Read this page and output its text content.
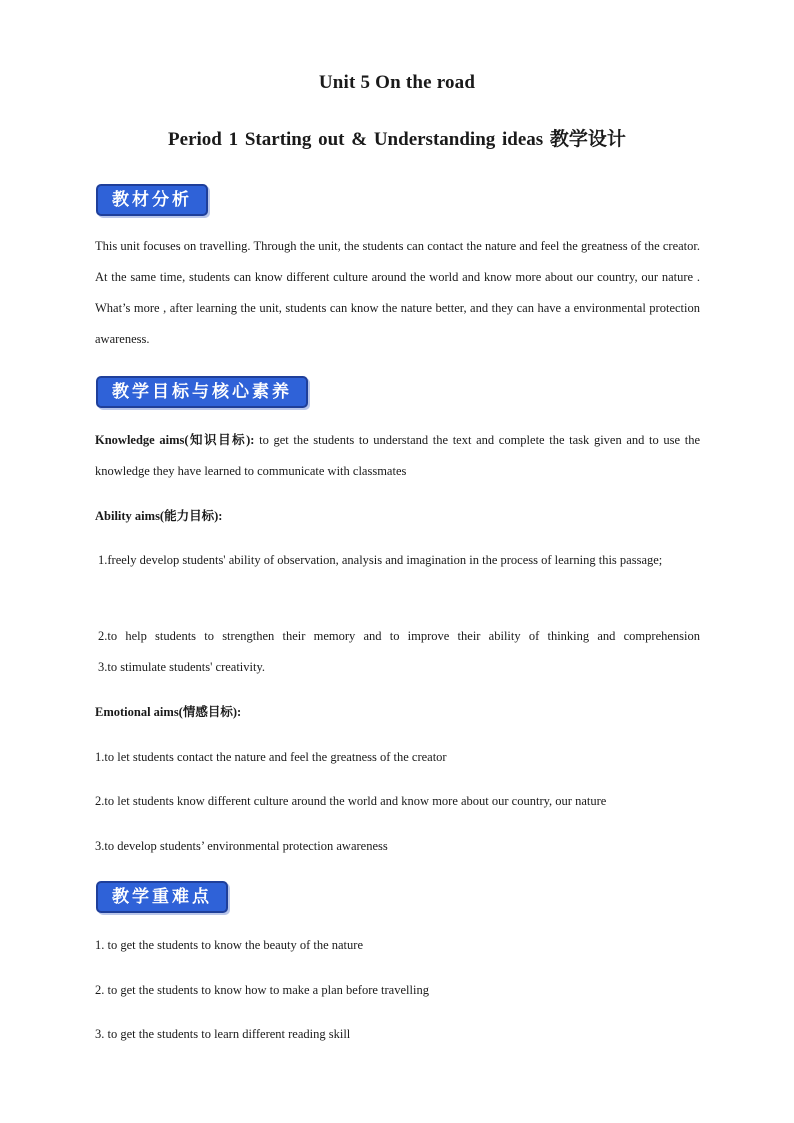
Unit 5 On the road
Period 1 Starting out & Understanding ideas 教学设计
教材分析
This unit focuses on travelling. Through the unit, the students can contact the nature and feel the greatness of the creator. At the same time, students can know different culture around the world and know more about our country, our nature . What’s more , after learning the unit, students can know the nature better, and they can have a environmental protection awareness.
教学目标与核心素养
Knowledge aims(知识目标): to get the students to understand the text and complete the task given and to use the knowledge they have learned to communicate with classmates
Ability aims(能力目标):
1.freely develop students' ability of observation, analysis and imagination in the process of learning this passage;
2.to help students to strengthen their memory and to improve their ability of thinking and comprehension
3.to stimulate students' creativity.
Emotional aims(情感目标):
1.to let students contact the nature and feel the greatness of the creator
2.to let students know different culture around the world and know more about our country, our nature
3.to develop students’ environmental protection awareness
教学重难点
1. to get the students to know the beauty of the nature
2. to get the students to know how to make a plan before travelling
3. to get the students to learn different reading skill
